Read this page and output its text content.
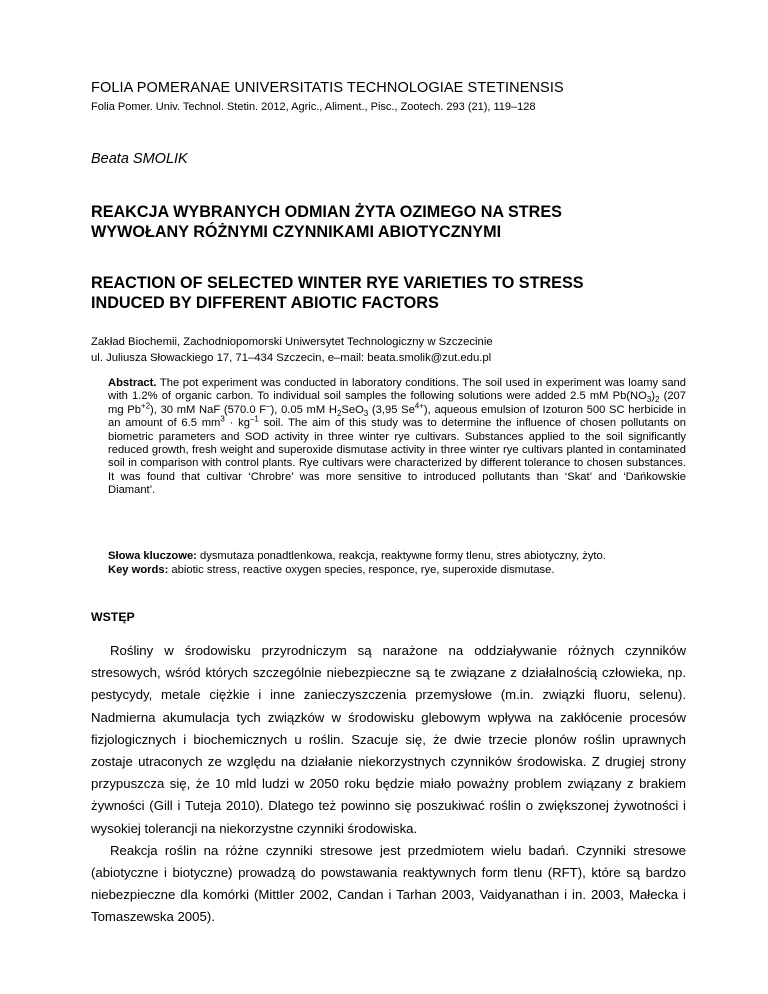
FOLIA POMERANAE UNIVERSITATIS TECHNOLOGIAE STETINENSIS
Folia Pomer. Univ. Technol. Stetin. 2012, Agric., Aliment., Pisc., Zootech. 293 (21), 119–128
Beata SMOLIK
REAKCJA WYBRANYCH ODMIAN ŻYTA OZIMEGO NA STRES
WYWOŁANY RÓŻNYMI CZYNNIKAMI ABIOTYCZNYMI
REACTION OF SELECTED WINTER RYE VARIETIES TO STRESS
INDUCED BY DIFFERENT ABIOTIC FACTORS
Zakład Biochemii, Zachodniopomorski Uniwersytet Technologiczny w Szczecinie
ul. Juliusza Słowackiego 17, 71–434 Szczecin, e–mail: beata.smolik@zut.edu.pl

Abstract. The pot experiment was conducted in laboratory conditions. The soil used in experiment was loamy sand with 1.2% of organic carbon. To individual soil samples the following solutions were added 2.5 mM $Pb(NO_3)_2$ (207 mg $Pb^{+2}$), 30 mM NaF (570.0 F–), 0.05 mM $H_2SeO_3$ (3,95 $Se^{4+}$), aqueous emulsion of Izoturon 500 SC herbicide in an amount of 6.5 $mm^3 \cdot kg^{-1}$ soil. The aim of this study was to determine the influence of chosen pollutants on biometric parameters and SOD activity in three winter rye cultivars. Substances applied to the soil significantly reduced growth, fresh weight and superoxide dismutase activity in three winter rye cultivars planted in contaminated soil in comparison with control plants. Rye cultivars were characterized by different tolerance to chosen substances. It was found that cultivar ‘Chrobre’ was more sensitive to introduced pollutants than ‘Skat’ and ‘Dańkowskie Diamant’.

Słowa kluczowe: dysmutaza ponadtlenkowa, reakcja, reaktywne formy tlenu, stres abiotyczny, żyto.
Key words: abiotic stress, reactive oxygen species, responce, rye, superoxide dismutase.
WSTĘP

Rośliny w środowisku przyrodniczym są narażone na oddziaływanie różnych czynników stresowych, wśród których szczególnie niebezpieczne są te związane z działalnością człowieka, np. pestycydy, metale ciężkie i inne zanieczyszczenia przemysłowe (m.in. związki fluoru, selenu). Nadmierna akumulacja tych związków w środowisku glebowym wpływa na zakłócenie procesów fizjologicznych i biochemicznych u roślin. Szacuje się, że dwie trzecie plonów roślin uprawnych zostaje utraconych ze względu na działanie niekorzystnych czynników środowiska. Z drugiej strony przypuszcza się, że 10 mld ludzi w 2050 roku będzie miało poważny problem związany z brakiem żywności (Gill i Tuteja 2010). Dlatego też powinno się poszukiwać roślin o zwiększonej żywotności i wysokiej tolerancji na niekorzystne czynniki środowiska.

Reakcja roślin na różne czynniki stresowe jest przedmiotem wielu badań. Czynniki stresowe (abiotyczne i biotyczne) prowadzą do powstawania reaktywnych form tlenu (RFT), które są bardzo niebezpieczne dla komórki (Mittler 2002, Candan i Tarhan 2003, Vaidyanathan i in. 2003, Małecka i Tomaszewska 2005).
